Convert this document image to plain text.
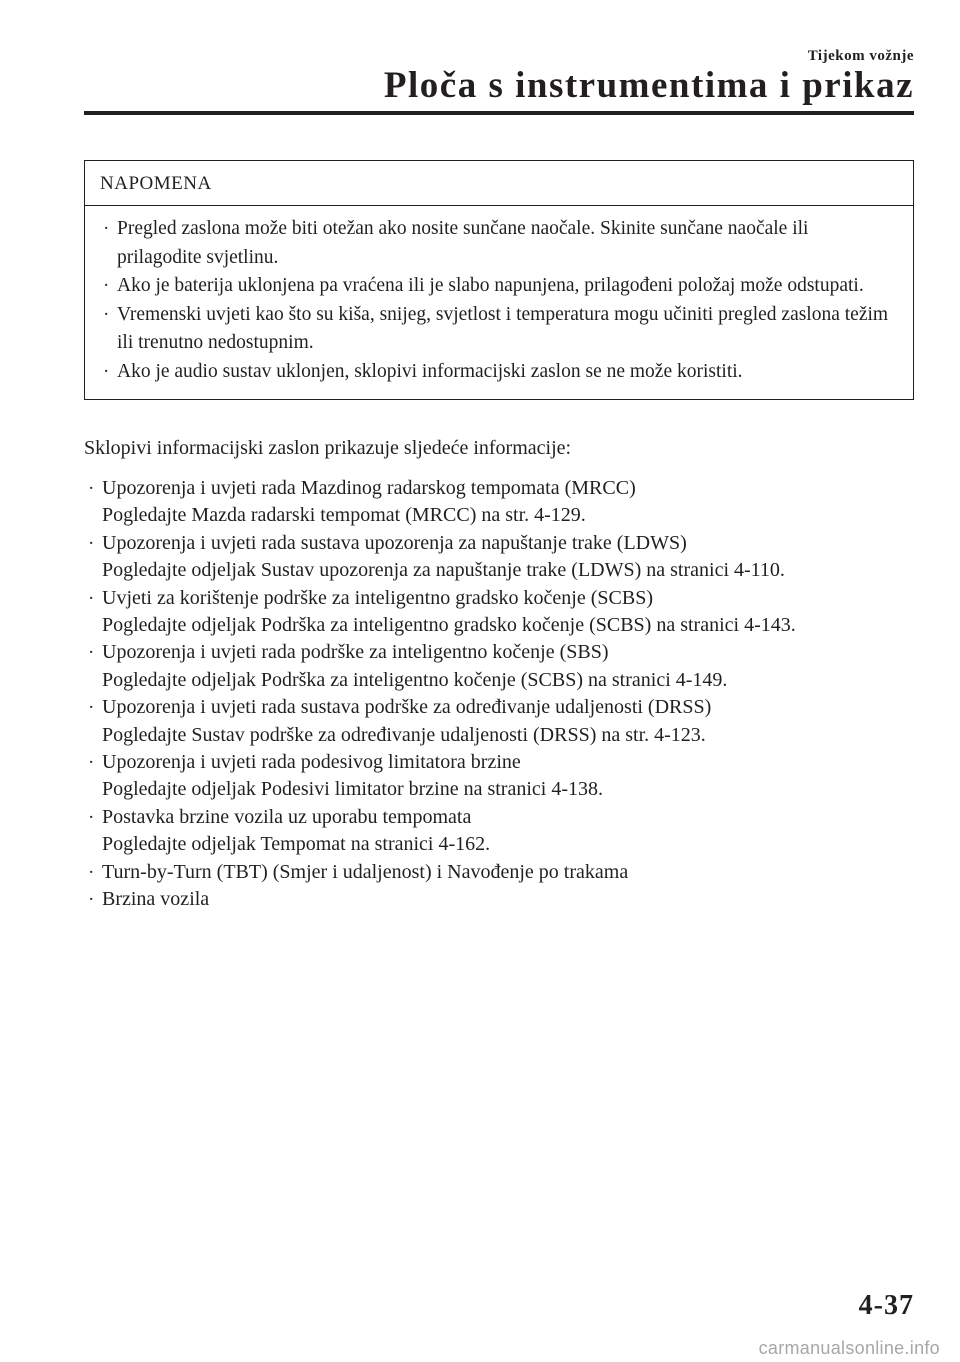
Tijekom vožnje
Ploča s instrumentima i prikaz
NAPOMENA
· Pregled zaslona može biti otežan ako nosite sunčane naočale. Skinite sunčane naočale ili prilagodite svjetlinu.
· Ako je baterija uklonjena pa vraćena ili je slabo napunjena, prilagođeni položaj može odstupati.
· Vremenski uvjeti kao što su kiša, snijeg, svjetlost i temperatura mogu učiniti pregled zaslona težim ili trenutno nedostupnim.
· Ako je audio sustav uklonjen, sklopivi informacijski zaslon se ne može koristiti.
Sklopivi informacijski zaslon prikazuje sljedeće informacije:
· Upozorenja i uvjeti rada Mazdinog radarskog tempomata (MRCC)
Pogledajte Mazda radarski tempomat (MRCC) na str. 4-129.
· Upozorenja i uvjeti rada sustava upozorenja za napuštanje trake (LDWS)
Pogledajte odjeljak Sustav upozorenja za napuštanje trake (LDWS) na stranici 4-110.
· Uvjeti za korištenje podrške za inteligentno gradsko kočenje (SCBS)
Pogledajte odjeljak Podrška za inteligentno gradsko kočenje (SCBS) na stranici 4-143.
· Upozorenja i uvjeti rada podrške za inteligentno kočenje (SBS)
Pogledajte odjeljak Podrška za inteligentno kočenje (SCBS) na stranici 4-149.
· Upozorenja i uvjeti rada sustava podrške za određivanje udaljenosti (DRSS)
Pogledajte Sustav podrške za određivanje udaljenosti (DRSS) na str. 4-123.
· Upozorenja i uvjeti rada podesivog limitatora brzine
Pogledajte odjeljak Podesivi limitator brzine na stranici 4-138.
· Postavka brzine vozila uz uporabu tempomata
Pogledajte odjeljak Tempomat na stranici 4-162.
· Turn-by-Turn (TBT) (Smjer i udaljenost) i Navođenje po trakama
· Brzina vozila
4-37
carmanualsonline.info
